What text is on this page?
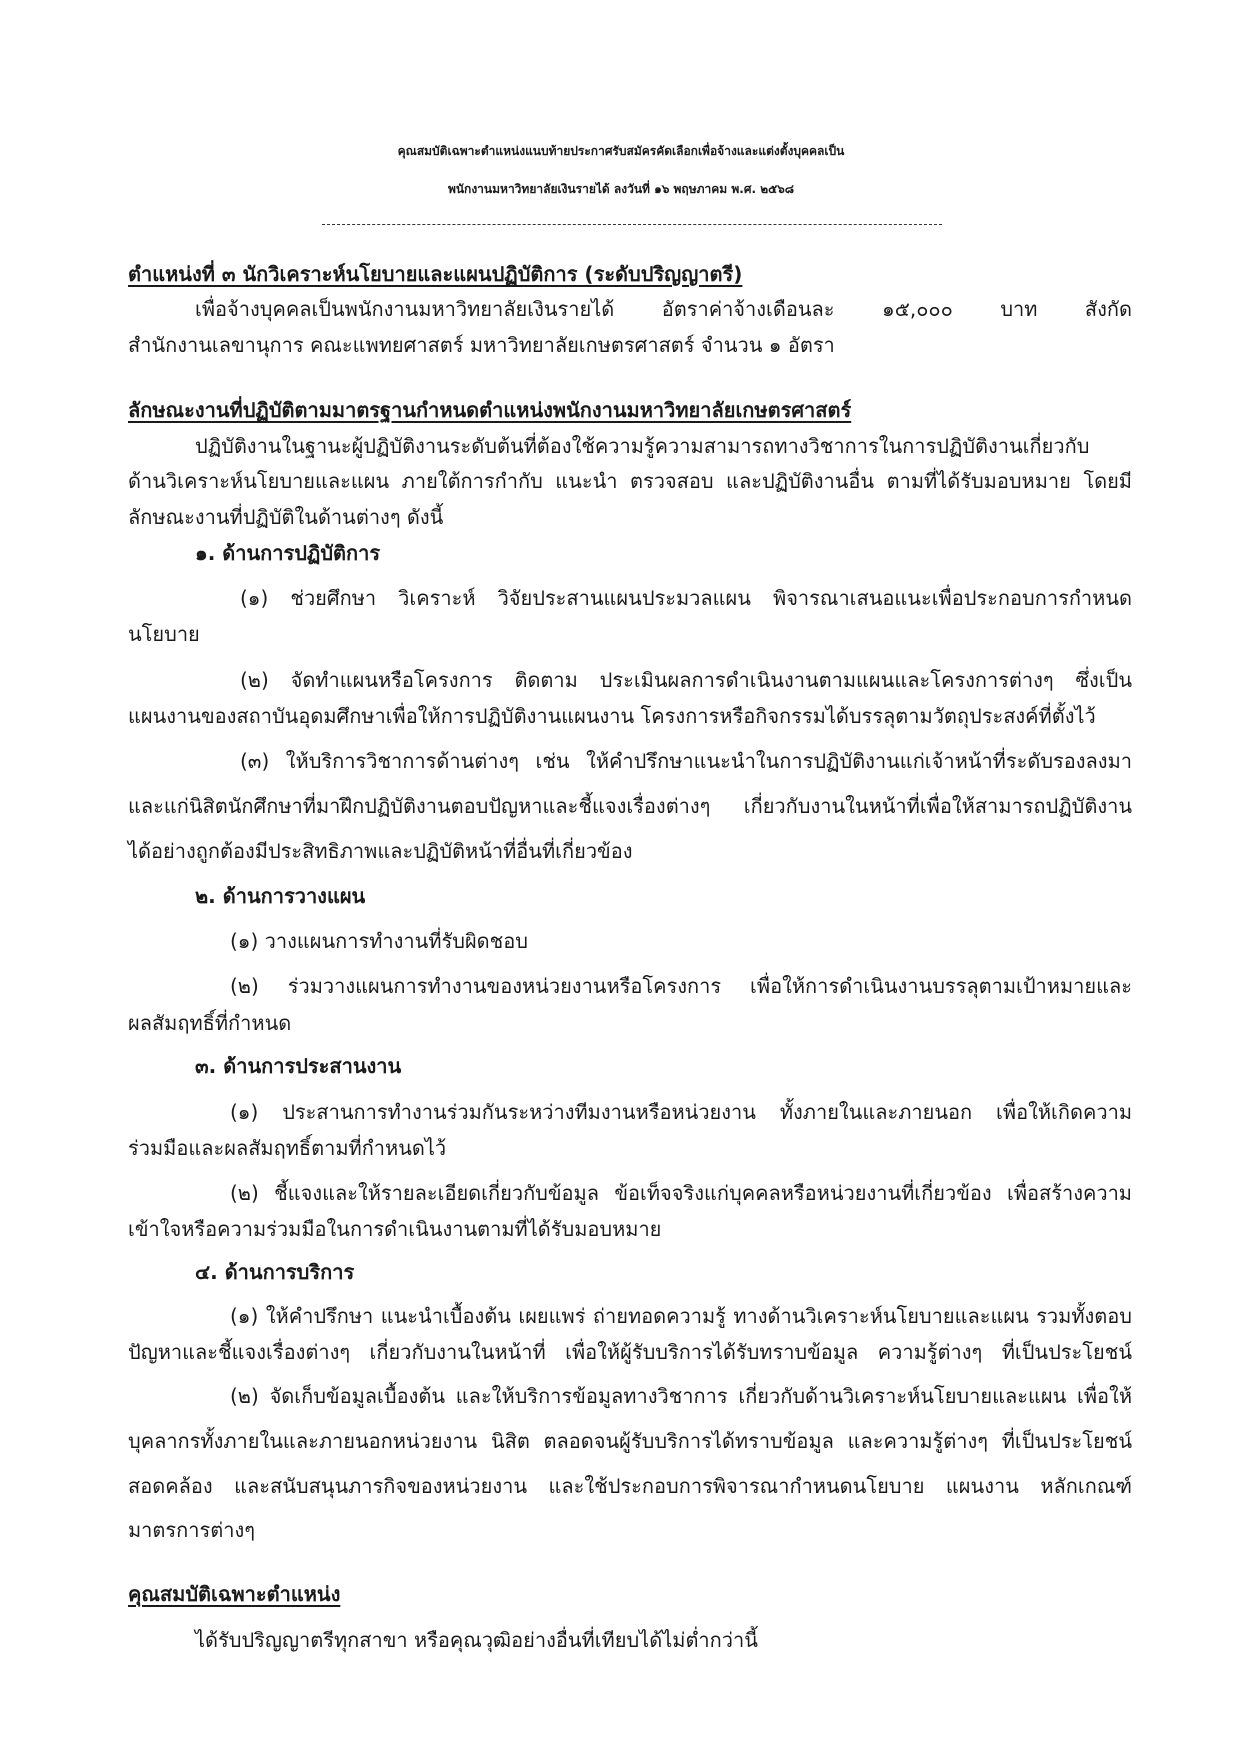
คุณสมบัติเฉพาะตำแหน่งแนบท้ายประกาศรับสมัครคัดเลือกเพื่อจ้างและแต่งตั้งบุคคลเป็น
พนักงานมหาวิทยาลัยเงินรายได้ ลงวันที่ ๑๖ พฤษภาคม พ.ศ. ๒๕๖๘
ตำแหน่งที่ ๓ นักวิเคราะห์นโยบายและแผนปฏิบัติการ (ระดับปริญญาตรี)
เพื่อจ้างบุคคลเป็นพนักงานมหาวิทยาลัยเงินรายได้ อัตราค่าจ้างเดือนละ ๑๕,๐๐๐ บาท สังกัด
สำนักงานเลขานุการ คณะแพทยศาสตร์ มหาวิทยาลัยเกษตรศาสตร์ จำนวน ๑ อัตรา
ลักษณะงานที่ปฏิบัติตามมาตรฐานกำหนดตำแหน่งพนักงานมหาวิทยาลัยเกษตรศาสตร์
ปฏิบัติงานในฐานะผู้ปฏิบัติงานระดับต้นที่ต้องใช้ความรู้ความสามารถทางวิชาการในการปฏิบัติงานเกี่ยวกับ
ด้านวิเคราะห์นโยบายและแผน ภายใต้การกำกับ แนะนำ ตรวจสอบ และปฏิบัติงานอื่น ตามที่ได้รับมอบหมาย โดยมี
ลักษณะงานที่ปฏิบัติในด้านต่างๆ ดังนี้
๑. ด้านการปฏิบัติการ
(๑) ช่วยศึกษา วิเคราะห์ วิจัยประสานแผนประมวลแผน พิจารณาเสนอแนะเพื่อประกอบการกำหนด
นโยบาย
(๒) จัดทำแผนหรือโครงการ ติดตาม ประเมินผลการดำเนินงานตามแผนและโครงการต่างๆ ซึ่งเป็น
แผนงานของสถาบันอุดมศึกษาเพื่อให้การปฏิบัติงานแผนงาน โครงการหรือกิจกรรมได้บรรลุตามวัตถุประสงค์ที่ตั้งไว้
(๓) ให้บริการวิชาการด้านต่างๆ เช่น ให้คำปรึกษาแนะนำในการปฏิบัติงานแก่เจ้าหน้าที่ระดับรองลงมา
และแก่นิสิตนักศึกษาที่มาฝึกปฏิบัติงานตอบปัญหาและชี้แจงเรื่องต่างๆ เกี่ยวกับงานในหน้าที่เพื่อให้สามารถปฏิบัติงาน
ได้อย่างถูกต้องมีประสิทธิภาพและปฏิบัติหน้าที่อื่นที่เกี่ยวข้อง
๒. ด้านการวางแผน
(๑) วางแผนการทำงานที่รับผิดชอบ
(๒) ร่วมวางแผนการทำงานของหน่วยงานหรือโครงการ เพื่อให้การดำเนินงานบรรลุตามเป้าหมายและ
ผลสัมฤทธิ์ที่กำหนด
๓. ด้านการประสานงาน
(๑) ประสานการทำงานร่วมกันระหว่างทีมงานหรือหน่วยงาน ทั้งภายในและภายนอก เพื่อให้เกิดความ
ร่วมมือและผลสัมฤทธิ์ตามที่กำหนดไว้
(๒) ชี้แจงและให้รายละเอียดเกี่ยวกับข้อมูล ข้อเท็จจริงแก่บุคคลหรือหน่วยงานที่เกี่ยวข้อง เพื่อสร้างความ
เข้าใจหรือความร่วมมือในการดำเนินงานตามที่ได้รับมอบหมาย
๔. ด้านการบริการ
(๑) ให้คำปรึกษา แนะนำเบื้องต้น เผยแพร่ ถ่ายทอดความรู้ ทางด้านวิเคราะห์นโยบายและแผน รวมทั้งตอบ
ปัญหาและชี้แจงเรื่องต่างๆ เกี่ยวกับงานในหน้าที่ เพื่อให้ผู้รับบริการได้รับทราบข้อมูล ความรู้ต่างๆ ที่เป็นประโยชน์
(๒) จัดเก็บข้อมูลเบื้องต้น และให้บริการข้อมูลทางวิชาการ เกี่ยวกับด้านวิเคราะห์นโยบายและแผน เพื่อให้
บุคลากรทั้งภายในและภายนอกหน่วยงาน นิสิต ตลอดจนผู้รับบริการได้ทราบข้อมูล และความรู้ต่างๆ ที่เป็นประโยชน์
สอดคล้อง และสนับสนุนภารกิจของหน่วยงาน และใช้ประกอบการพิจารณากำหนดนโยบาย แผนงาน หลักเกณฑ์
มาตรการต่างๆ
คุณสมบัติเฉพาะตำแหน่ง
ได้รับปริญญาตรีทุกสาขา หรือคุณวุฒิอย่างอื่นที่เทียบได้ไม่ต่ำกว่านี้
